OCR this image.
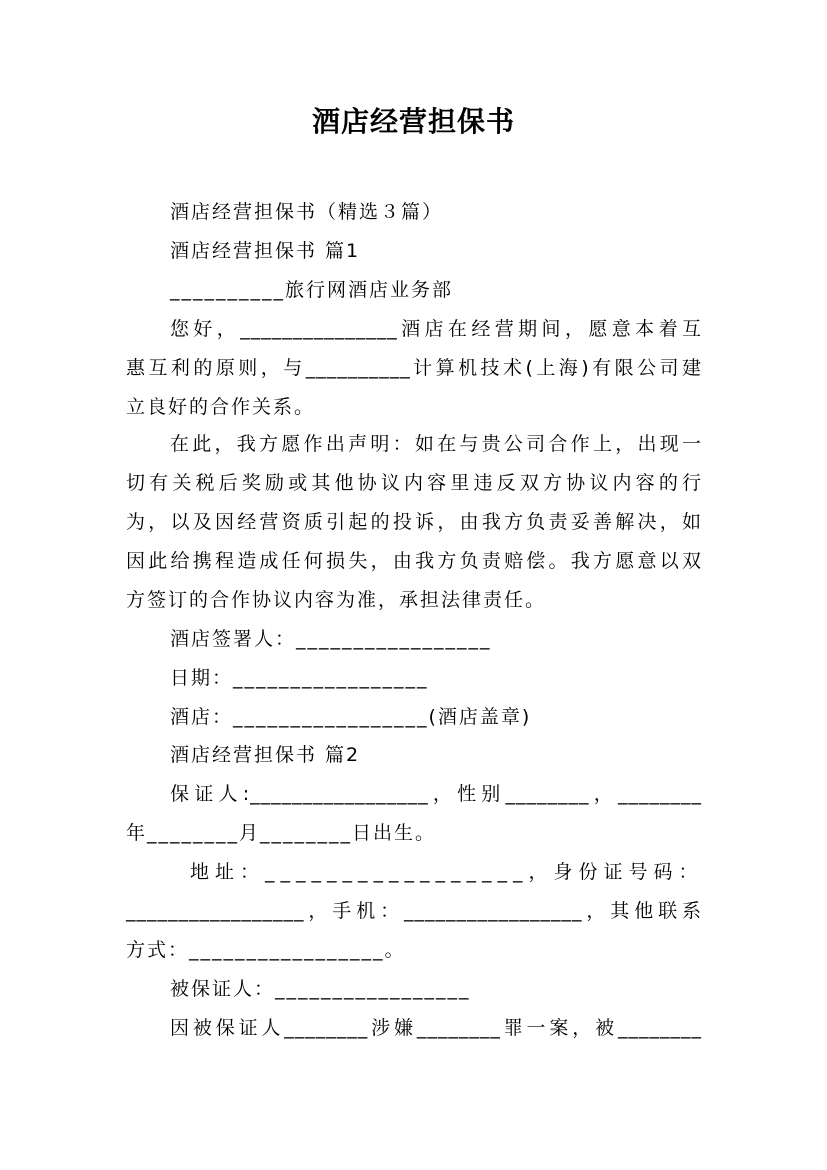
酒店经营担保书
酒店经营担保书（精选３篇）
酒店经营担保书 篇1
__________旅行网酒店业务部
您好，_______________酒店在经营期间，愿意本着互
惠互利的原则，与__________计算机技术(上海)有限公司建
立良好的合作关系。
在此，我方愿作出声明：如在与贵公司合作上，出现一
切有关税后奖励或其他协议内容里违反双方协议内容的行
为，以及因经营资质引起的投诉，由我方负责妥善解决，如
因此给携程造成任何损失，由我方负责赔偿。我方愿意以双
方签订的合作协议内容为准，承担法律责任。
酒店签署人：_________________
日期：_________________
酒店：_________________(酒店盖章)
酒店经营担保书 篇2
保证人:_________________，性别________，________
年________月________日出生。
地址：_________________，身份证号码：
_________________，手机：_________________，其他联系
方式：_________________。
被保证人：_________________
因被保证人________涉嫌________罪一案，被________
